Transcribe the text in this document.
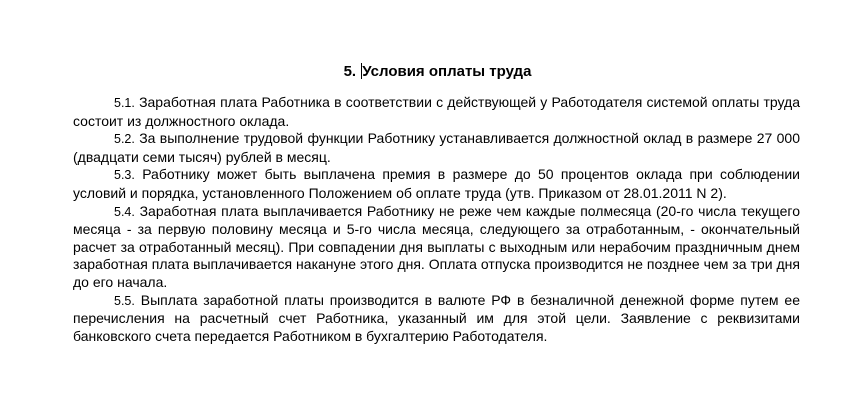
5. Условия оплаты труда

5.1. Заработная плата Работника в соответствии с действующей у Работодателя системой оплаты труда состоит из должностного оклада.

5.2. За выполнение трудовой функции Работнику устанавливается должностной оклад в размере 27 000 (двадцати семи тысяч) рублей в месяц.

5.3. Работнику может быть выплачена премия в размере до 50 процентов оклада при соблюдении условий и порядка, установленного Положением об оплате труда (утв. Приказом от 28.01.2011 N 2).

5.4. Заработная плата выплачивается Работнику не реже чем каждые полмесяца (20-го числа текущего месяца - за первую половину месяца и 5-го числа месяца, следующего за отработанным, - окончательный расчет за отработанный месяц). При совпадении дня выплаты с выходным или нерабочим праздничным днем заработная плата выплачивается накануне этого дня. Оплата отпуска производится не позднее чем за три дня до его начала.

5.5. Выплата заработной платы производится в валюте РФ в безналичной денежной форме путем ее перечисления на расчетный счет Работника, указанный им для этой цели. Заявление с реквизитами банковского счета передается Работником в бухгалтерию Работодателя.
